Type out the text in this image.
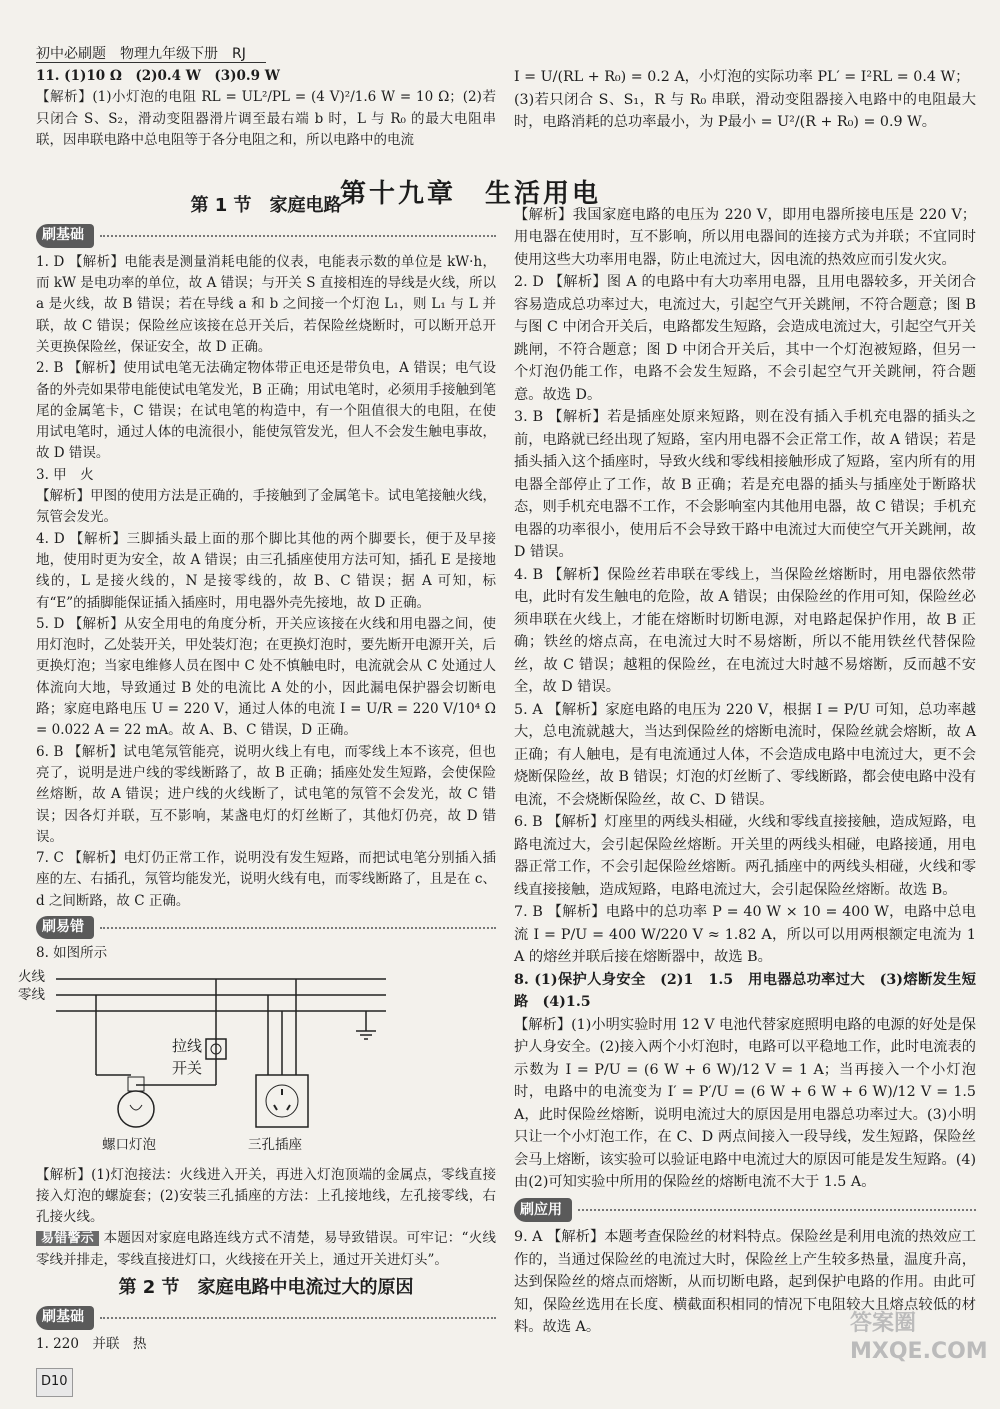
初中必刷题　物理九年级下册　RJ
第十九章　生活用电

11. (1)10 Ω　(2)0.4 W　(3)0.9 W

【解析】(1)小灯泡的电阻 RL = UL²/PL = (4 V)²/1.6 W = 10 Ω；(2)若只闭合 S、S₂，滑动变阻器滑片调至最右端 b 时，L 与 R₀ 的最大电阻串联，因串联电路中总电阻等于各分电阻之和，所以电路中的电流

第 1 节　家庭电路
刷基础

1. D 【解析】电能表是测量消耗电能的仪表，电能表示数的单位是 kW·h，而 kW 是电功率的单位，故 A 错误；与开关 S 直接相连的导线是火线，所以 a 是火线，故 B 错误；若在导线 a 和 b 之间接一个灯泡 L₁，则 L₁ 与 L 并联，故 C 错误；保险丝应该接在总开关后，若保险丝烧断时，可以断开总开关更换保险丝，保证安全，故 D 正确。

2. B 【解析】使用试电笔无法确定物体带正电还是带负电，A 错误；电气设备的外壳如果带电能使试电笔发光，B 正确；用试电笔时，必须用手接触到笔尾的金属笔卡，C 错误；在试电笔的构造中，有一个阻值很大的电阻，在使用试电笔时，通过人体的电流很小，能使氖管发光，但人不会发生触电事故，故 D 错误。

3. 甲　火

【解析】甲图的使用方法是正确的，手接触到了金属笔卡。试电笔接触火线，氖管会发光。

4. D 【解析】三脚插头最上面的那个脚比其他的两个脚要长，便于及早接地，使用时更为安全，故 A 错误；由三孔插座使用方法可知，插孔 E 是接地线的，L 是接火线的，N 是接零线的，故 B、C 错误；据 A 可知，标有“E”的插脚能保证插入插座时，用电器外壳先接地，故 D 正确。

5. D 【解析】从安全用电的角度分析，开关应该接在火线和用电器之间，使用灯泡时，乙处装开关，甲处装灯泡；在更换灯泡时，要先断开电源开关，后更换灯泡；当家电维修人员在图中 C 处不慎触电时，电流就会从 C 处通过人体流向大地，导致通过 B 处的电流比 A 处的小，因此漏电保护器会切断电路；家庭电路电压 U = 220 V，通过人体的电流 I = U/R = 220 V/10⁴ Ω = 0.022 A = 22 mA。故 A、B、C 错误，D 正确。

6. B 【解析】试电笔氖管能亮，说明火线上有电，而零线上本不该亮，但也亮了，说明是进户线的零线断路了，故 B 正确；插座处发生短路，会使保险丝熔断，故 A 错误；进户线的火线断了，试电笔的氖管不会发光，故 C 错误；因各灯并联，互不影响，某盏电灯的灯丝断了，其他灯仍亮，故 D 错误。

7. C 【解析】电灯仍正常工作，说明没有发生短路，而把试电笔分别插入插座的左、右插孔，氖管均能发光，说明火线有电，而零线断路了，且是在 c、d 之间断路，故 C 正确。

刷易错

8. 如图所示

火线
零线
拉线开关
螺口灯泡	三孔插座

【解析】(1)灯泡接法：火线进入开关，再进入灯泡顶端的金属点，零线直接接入灯泡的螺旋套；(2)安装三孔插座的方法：上孔接地线，左孔接零线，右孔接火线。

易错警示 本题因对家庭电路连线方式不清楚，易导致错误。可牢记：“火线零线并排走，零线直接进灯口，火线接在开关上，通过开关进灯头”。

第 2 节　家庭电路中电流过大的原因
刷基础

1. 220　并联　热

I = U/(RL + R₀) = 0.2 A，小灯泡的实际功率 PL′ = I²RL = 0.4 W；

(3)若只闭合 S、S₁，R 与 R₀ 串联，滑动变阻器接入电路中的电阻最大时，电路消耗的总功率最小，为 P最小 = U²/(R + R₀) = 0.9 W。

【解析】我国家庭电路的电压为 220 V，即用电器所接电压是 220 V；用电器在使用时，互不影响，所以用电器间的连接方式为并联；不宜同时使用这些大功率用电器，防止电流过大，因电流的热效应而引发火灾。

2. D 【解析】图 A 的电路中有大功率用电器，且用电器较多，开关闭合容易造成总功率过大，电流过大，引起空气开关跳闸，不符合题意；图 B 与图 C 中闭合开关后，电路都发生短路，会造成电流过大，引起空气开关跳闸，不符合题意；图 D 中闭合开关后，其中一个灯泡被短路，但另一个灯泡仍能工作，电路不会发生短路，不会引起空气开关跳闸，符合题意。故选 D。

3. B 【解析】若是插座处原来短路，则在没有插入手机充电器的插头之前，电路就已经出现了短路，室内用电器不会正常工作，故 A 错误；若是插头插入这个插座时，导致火线和零线相接触形成了短路，室内所有的用电器全部停止了工作，故 B 正确；若是充电器的插头与插座处于断路状态，则手机充电器不工作，不会影响室内其他用电器，故 C 错误；手机充电器的功率很小，使用后不会导致干路中电流过大而使空气开关跳闸，故 D 错误。

4. B 【解析】保险丝若串联在零线上，当保险丝熔断时，用电器依然带电，此时有发生触电的危险，故 A 错误；由保险丝的作用可知，保险丝必须串联在火线上，才能在熔断时切断电源，对电路起保护作用，故 B 正确；铁丝的熔点高，在电流过大时不易熔断，所以不能用铁丝代替保险丝，故 C 错误；越粗的保险丝，在电流过大时越不易熔断，反而越不安全，故 D 错误。

5. A 【解析】家庭电路的电压为 220 V，根据 I = P/U 可知，总功率越大，总电流就越大，当达到保险丝的熔断电流时，保险丝就会熔断，故 A 正确；有人触电，是有电流通过人体，不会造成电路中电流过大，更不会烧断保险丝，故 B 错误；灯泡的灯丝断了、零线断路，都会使电路中没有电流，不会烧断保险丝，故 C、D 错误。

6. B 【解析】灯座里的两线头相碰，火线和零线直接接触，造成短路，电路电流过大，会引起保险丝熔断。开关里的两线头相碰，电路接通，用电器正常工作，不会引起保险丝熔断。两孔插座中的两线头相碰，火线和零线直接接触，造成短路，电路电流过大，会引起保险丝熔断。故选 B。

7. B 【解析】电路中的总功率 P = 40 W × 10 = 400 W，电路中总电流 I = P/U = 400 W/220 V ≈ 1.82 A，所以可以用两根额定电流为 1 A 的熔丝并联后接在熔断器中，故选 B。

8. (1)保护人身安全　(2)1　1.5　用电器总功率过大　(3)熔断发生短路　(4)1.5

【解析】(1)小明实验时用 12 V 电池代替家庭照明电路的电源的好处是保护人身安全。(2)接入两个小灯泡时，电路可以平稳地工作，此时电流表的示数为 I = P/U = (6 W + 6 W)/12 V = 1 A；当再接入一个小灯泡时，电路中的电流变为 I′ = P′/U = (6 W + 6 W + 6 W)/12 V = 1.5 A，此时保险丝熔断，说明电流过大的原因是用电器总功率过大。(3)小明只让一个小灯泡工作，在 C、D 两点间接入一段导线，发生短路，保险丝会马上熔断，该实验可以验证电路中电流过大的原因可能是发生短路。(4)由(2)可知实验中所用的保险丝的熔断电流不大于 1.5 A。

刷应用

9. A 【解析】本题考查保险丝的材料特点。保险丝是利用电流的热效应工作的，当通过保险丝的电流过大时，保险丝上产生较多热量，温度升高，达到保险丝的熔点而熔断，从而切断电路，起到保护电路的作用。由此可知，保险丝选用在长度、横截面积相同的情况下电阻较大且熔点较低的材料。故选 A。

D10
答案圈 MXQE.COM
